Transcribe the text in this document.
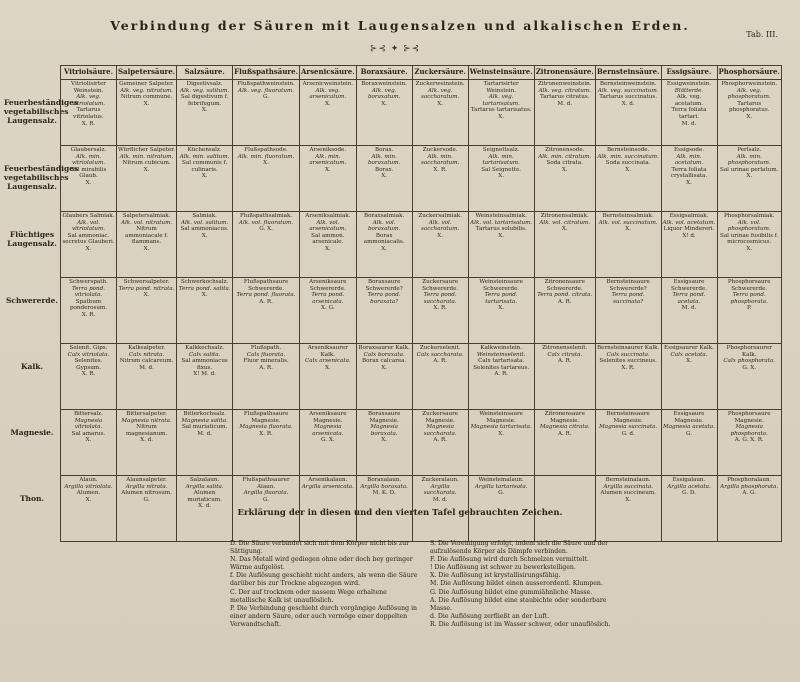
Verbindung der Säuren mit Laugensalzen und alkalischen Erden.
Tab. III.
⊱⊰ ✦ ⊱⊰
Feuerbeständiges vegetabilisches Laugensalz.
Feuerbeständiges vegetabilisches Laugensalz.
Flüchtiges Laugensalz.
Schwererde.
Kalk.
Magnesie.
Thon.
Vitriolsäure.	Salpetersäure.	Salzsäure.	Flußspathsäure.	Arsenicsäure.	Boraxsäure.	Zuckersäure.	Weinsteinsäure.	Zitronensäure.	Bernsteinsäure.	Essigsäure.	Phosphorsäure.

Vitriolisirter Weinstein.
Alk. veg. vitriolatum.
Tartarus vitriolatus.
X. R.	Gemeiner Salpeter.
Alk. veg. nitratum.
Nitrum commune.
X.	Digestivsalz.
Alk. veg. salitum.
Sal digestivum f. febrifugum.
X.	Flußspathweinstein.
Alk. veg. fluoratum.
G.	Arsenicweinstein.
Alk. veg. arsenicatum.
X.	Boraxweinstein.
Alk. veg. boraxatum.
X.	Zuckerweinstein.
Alk. veg. saccharatum.
X.	Tartarisirter Weinstein.
Alk. veg. tartarisatum.
Tartarus tartarisatus.
X.	Zitronenweinstein.
Alk. veg. citratum.
Tartarus citratus.
M. d.	Bernsteinweinstein.
Alk. veg. succinatum.
Tartarus succinatus.
X. d.	Essigweinstein.
Blätterde.
Alk. veg. acetatum.
Terra foliata tartari.
M. d.	Phosphorweinstein.
Alk. veg. phosphoratum.
Tartarus phosphoratus.
X.

Glaubersalz.
Alk. min. vitriolatum.
Sal mirabilis Glaub.
X.	Würflicher Salpeter.
Alk. min. nitratum.
Nitrum cubicum.
X.	Küchensalz.
Alk. min. salitum.
Sal communis f. culinaris.
X.	Flußspathsode.
Alk. min. fluoratum.
X.	Arseniksode.
Alk. min. arsenicatum.
X.	Borax.
Alk. min. boraxatum.
Borax.
X.	Zuckersode.
Alk. min. saccharatum.
X. R.	Seignettsalz.
Alk. min. tartarisatum.
Sal Seignette.
X.	Zitronensode.
Alk. min. citratum.
Soda citrata.
X.	Bernsteinsode.
Alk. min. succinatum.
Soda succinata.
X.	Essigsode.
Alk. min. acetatum.
Terra foliata crystallisata.
X.	Perlsalz.
Alk. min. phosphoratum.
Sal urinae perlatum.
X.

Glaubers Salmiak.
Alk. vol. vitriolatum.
Sal ammoniac. secretus Glauberi.
X.	Salpetersalmiak.
Alk. vol. nitratum.
Nitrum ammoniacale f. flammans.
X.	Salmiak.
Alk. vol. salitum.
Sal ammoniacus.
X.	Flußspathsalmiak.
Alk. vol. fluoratum.
G. X.	Arseniksalmiak.
Alk. vol. arsenicatum.
Sal ammon. arsenicale.
X.	Boraxsalmiak.
Alk. vol. boraxatum.
Borax ammoniacalis.
X.	Zuckersalmiak.
Alk. vol. saccharatum.
X.	Weinsteinsalmiak.
Alk. vol. tartarisatum.
Tartarus solubilis.
X.	Zitronensalmiak.
Alk. vol. citratum.
X.	Bernsteinsalmiak.
Alk. vol. succinatum.
X.	Essigsalmiak.
Alk. vol. acetatum.
Liquor Mindereri.
X! d.	Phosphorsalmiak.
Alk. vol. phosphoratum.
Sal urinae fusibilis f. microcosmicus.
X.

Schwerspath.
Terra pond. vitriolata.
Spathum ponderosum.
X. R.	Schwersalpeter.
Terra pond. nitrata.
X.	Schwerkochsalz.
Terra pond. salita.
X.	Flußspathsaure Schwererde.
Terra pond. fluorata.
A. R.	Arseniksaure Schwererde.
Terra pond. arsenicata.
X. G.	Boraxsaure Schwererde?
Terra pond. boraxata?	Zuckersaure Schwererde.
Terra pond. saccharata.
X. R.	Weinsteinsaure Schwererde.
Terra pond. tartarisata.
X.	Zitronensaure Schwererde.
Terra pond. citrata.
A. R.	Bernsteinsaure Schwererde?
Terra pond. succinata?	Essigsaure Schwererde.
Terra pond. acetata.
M. d.	Phosphorsaure Schwererde.
Terra pond. phosphorata.
P.

Selenit. Gips.
Calx vitriolata.
Selenites. Gypsum.
X. R.	Kalksalpeter.
Calx nitrata.
Nitrum calcareum.
M. d.	Kalkkochsalz.
Calx salita.
Sal ammoniacus fixus.
X! M. d.	Flußspath.
Calx fluorata.
Fluor mineralis.
A. R.	Arseniksaurer Kalk.
Calx arsenicata.
X.	Boraxsaurer Kalk.
Calx boraxata.
Borax calcarea.
X.	Zuckerselenit.
Calx saccharata.
A. R.	Kalkweinstein.
Weinsteinselenit.
Calx tartarisata.
Selenites tartareus.
A. R.	Zitronenselenit.
Calx citrata.
A. R.	Bernsteinsaurer Kalk.
Calx succinata.
Selenites succineus.
X. R.	Essigsaurer Kalk.
Calx acetata.
X.	Phosphorsaurer Kalk.
Calx phosphorata.
G. X.

Bittersalz.
Magnesia vitriolata.
Sal amarus.
X.	Bittersalpeter.
Magnesia nitrata.
Nitrum magnesianum.
X. d.	Bitterkochsalz.
Magnesia salita.
Sal muriaticum.
M. d.	Flußspathsaure Magnesie.
Magnesia fluorata.
X. R.	Arseniksaure Magnesie.
Magnesia arsenicata.
G. X.	Boraxsaure Magnesie.
Magnesia boraxata.
X.	Zuckersaure Magnesie.
Magnesia saccharata.
A. R.	Weinsteinsaure Magnesie.
Magnesia tartarisata.
X.	Zitronensaure Magnesie.
Magnesia citrata.
A. R.	Bernsteinsaure Magnesie.
Magnesia succinata.
G. d.	Essigsaure Magnesie.
Magnesia acetata.
G.	Phosphorsaure Magnesie.
Magnesia phosphorata.
A. G. X. R.

Alaun.
Argilla vitriolata.
Alumen.
X.	Alaunsalpeter.
Argilla nitrata.
Alumen nitrosum.
G.	Salzalaun.
Argilla salita.
Alumen muriaticum.
X. d.	Flußspathsaurer Alaun.
Argilla fluorata.
G.	Arsenikalaun.
Argilla arsenicata.	Boraxalaun.
Argilla boraxata.
M. K. D.	Zuckeralaun.
Argilla saccharata.
M. d.	Weinsteinalaun.
Argilla tartarisata.
G.		Bernsteinalaun.
Argilla succinata.
Alumen succineum.
X.	Essigalaun.
Argilla acetata.
G. D.	Phosphoralaun.
Argilla phosphorata.
A. G.
Erklärung der in diesen und den vierten Tafel gebrauchten Zeichen.
D. Die Säure verbindet sich mit dem Körper nicht bis zur Sättigung.
N. Das Metall wird gediegen ohne oder doch bey geringer Wärme aufgelöst.
f. Die Auflösung geschieht nicht anders, als wenn die Säure darüber bis zur Trockne abgezogen wird.
C. Der auf trocknem oder nassem Wege erhaltene metallische Kalk ist unauflöslich.
P. Die Verbindung geschieht durch vorgängige Auflösung in einer andern Säure, oder auch vermöge einer doppelten Verwandtschaft.
S. Die Vereinigung erfolgt, indem sich die Säure und der aufzulösende Körper als Dämpfe verbinden.
F. Die Auflösung wird durch Schmelzen vermittelt.
! Die Auflösung ist schwer zu bewerkstelligen.
X. Die Auflösung ist krystallisirungsfähig.
M. Die Auflösung bildet einen ausserordentl. Klumpen.
G. Die Auflösung bildet eine gummiähnliche Masse.
A. Die Auflösung bildet eine staubichte oder sonderbare Masse.
d. Die Auflösung zerfließt an der Luft.
R. Die Auflösung ist im Wasser schwer, oder unauflöslich.
